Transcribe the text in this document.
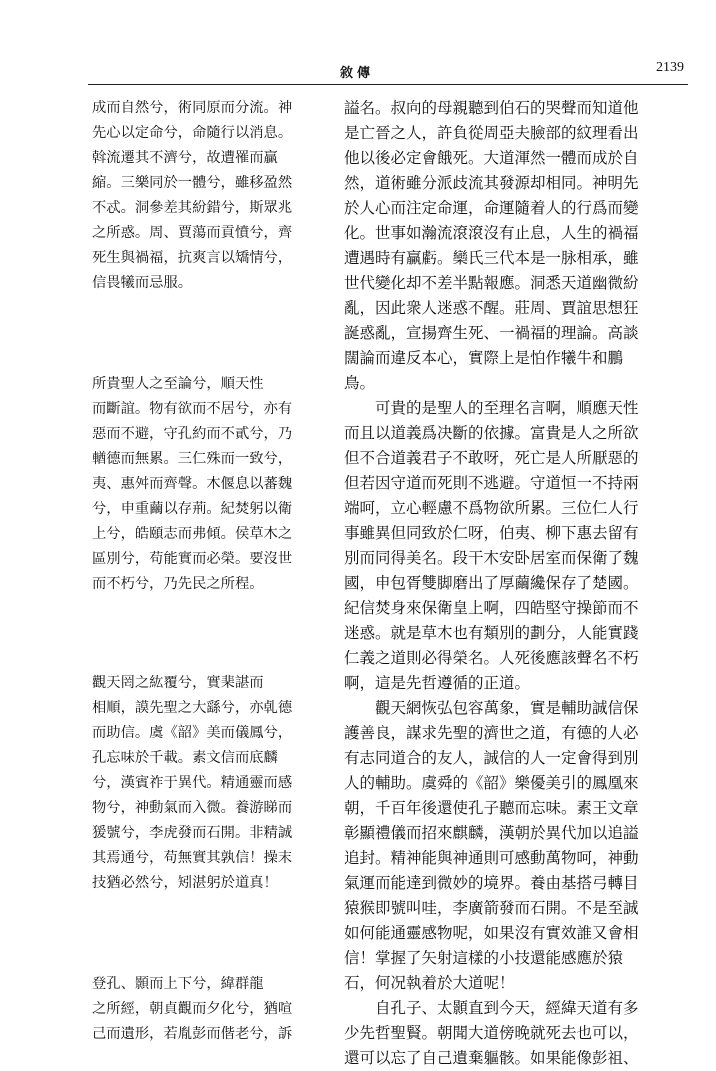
敘傳	2139

成而自然兮，術同原而分流。神
先心以定命兮，命隨行以消息。
斡流遷其不濟兮，故遭罹而贏
縮。三樂同於一體兮，雖移盈然
不忒。洞參差其紛錯兮，斯眾兆
之所惑。周、賈蕩而貢憤兮，齊
死生與禍福，抗爽言以矯情兮，
信畏犧而忌服。

所貴聖人之至論兮，順天性
而斷誼。物有欲而不居兮，亦有
惡而不避，守孔約而不貳兮，乃
輶德而無累。三仁殊而一致兮，
夷、惠舛而齊聲。木偃息以蕃魏
兮，申重繭以存荊。紀焚躬以衛
上兮，皓頤志而弗傾。侯草木之
區別兮，苟能實而必榮。要沒世
而不朽兮，乃先民之所程。

觀天罔之紘覆兮，實棐諶而
相順，謨先聖之大繇兮，亦𠃵德
而助信。虞《韶》美而儀鳳兮，
孔忘味於千載。素文信而底麟
兮，漢賓祚于異代。精通靈而感
物兮，神動氣而入微。養游睇而
猨號兮，李虎發而石開。非精誠
其焉通兮，苟無實其孰信！操末
技猶必然兮，矧湛躬於道真！

登孔、顥而上下兮，緯群龍
之所經，朝貞觀而夕化兮，猶喧
己而遺形，若胤彭而偕老兮，訴

謚名。叔向的母親聽到伯石的哭聲而知道他
是亡晉之人，許負從周亞夫臉部的紋理看出
他以後必定會餓死。大道渾然一體而成於自
然，道術雖分派歧流其發源却相同。神明先
於人心而注定命運，命運隨着人的行爲而變
化。世事如瀚流滾滾沒有止息，人生的禍福
遭遇時有贏虧。欒氏三代本是一脉相承，雖
世代變化却不差半點報應。洞悉天道幽微紛
亂，因此衆人迷惑不醒。莊周、賈誼思想狂
誕惑亂，宣揚齊生死、一禍福的理論。高談
闊論而違反本心，實際上是怕作犧牛和鵬
鳥。

　　可貴的是聖人的至理名言啊，順應天性
而且以道義爲决斷的依據。富貴是人之所欲
但不合道義君子不敢呀，死亡是人所厭惡的
但若因守道而死則不逃避。守道恒一不持兩
端呵，立心輕慮不爲物欲所累。三位仁人行
事雖異但同致於仁呀，伯夷、柳下惠去留有
別而同得美名。段干木安卧居室而保衛了魏
國，申包胥雙脚磨出了厚繭纔保存了楚國。
紀信焚身來保衛皇上啊，四皓堅守操節而不
迷惑。就是草木也有類別的劃分，人能實踐
仁義之道則必得榮名。人死後應該聲名不朽
啊，這是先哲遵循的正道。

　　觀天網恢弘包容萬象，實是輔助誠信保
護善良，謀求先聖的濟世之道，有德的人必
有志同道合的友人，誠信的人一定會得到別
人的輔助。虞舜的《韶》樂優美引的鳳凰來
朝，千百年後還使孔子聽而忘味。素王文章
彰顯禮儀而招來麒麟，漢朝於異代加以追謚
追封。精神能與神通則可感動萬物呵，神動
氣運而能達到微妙的境界。養由基搭弓轉目
猿猴即號叫哇，李廣箭發而石開。不是至誠
如何能通靈感物呢，如果沒有實效誰又會相
信！掌握了矢射這樣的小技還能感應於猿
石，何况執着於大道呢！

　　自孔子、太顥直到今天，經緯天道有多
少先哲聖賢。朝聞大道傍晚就死去也可以，
還可以忘了自己遺棄軀骸。如果能像彭祖、
